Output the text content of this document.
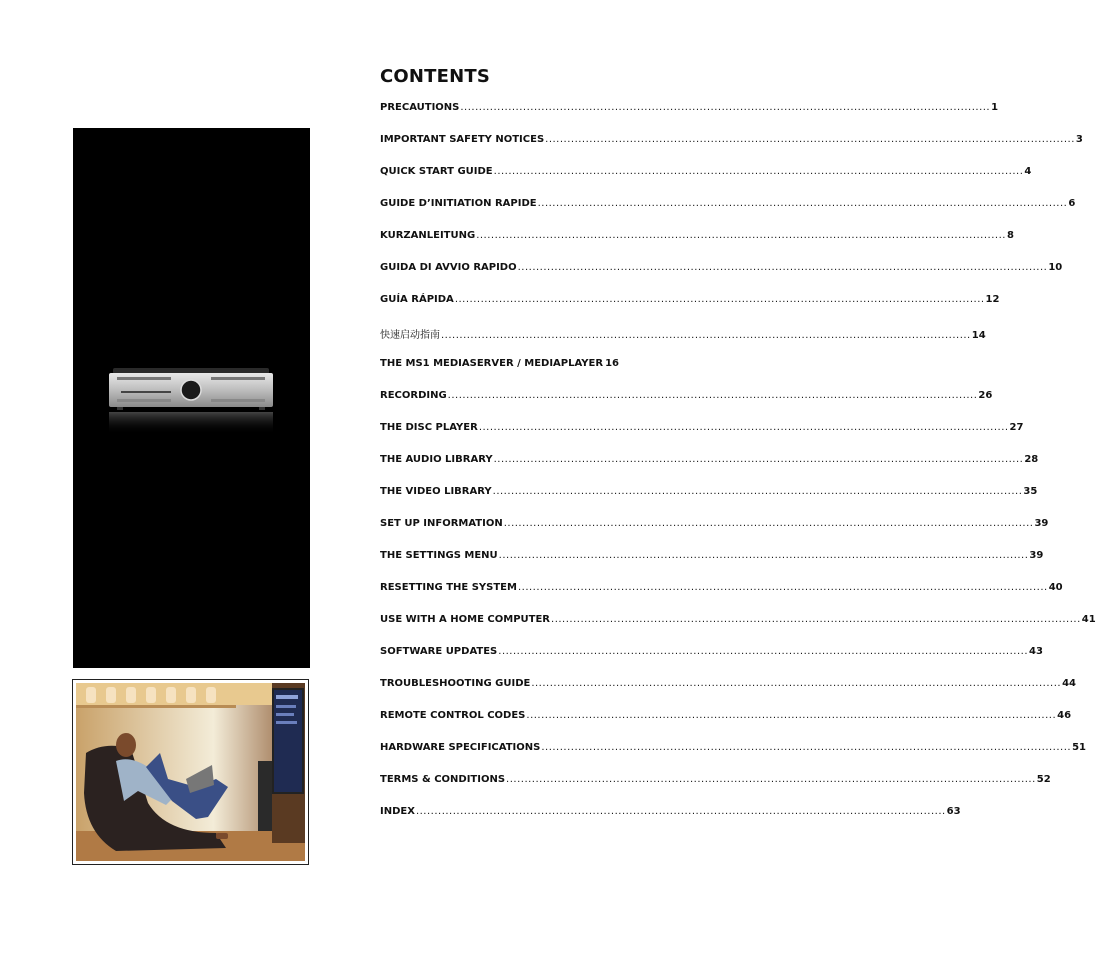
CONTENTS
PRECAUTIONS .....	1
IMPORTANT SAFETY NOTICES .....	3
QUICK START GUIDE .....	4
GUIDE D’INITIATION RAPIDE .....	6
KURZANLEITUNG .....	8
GUIDA DI AVVIO RAPIDO .....	10
GUÍA RÁPIDA .....	12
快速启动指南 .....	14
THE MS1 MEDIASERVER / MEDIAPLAYER 16
RECORDING .....	26
THE DISC PLAYER .....	27
THE AUDIO LIBRARY .....	28
THE VIDEO LIBRARY .....	35
SET UP INFORMATION .....	39
THE SETTINGS MENU .....	39
RESETTING THE SYSTEM .....	40
USE WITH A HOME COMPUTER .....	41
SOFTWARE UPDATES .....	43
TROUBLESHOOTING GUIDE .....	44
REMOTE CONTROL CODES .....	46
HARDWARE SPECIFICATIONS .....	51
TERMS & CONDITIONS .....	52
INDEX .....	63
